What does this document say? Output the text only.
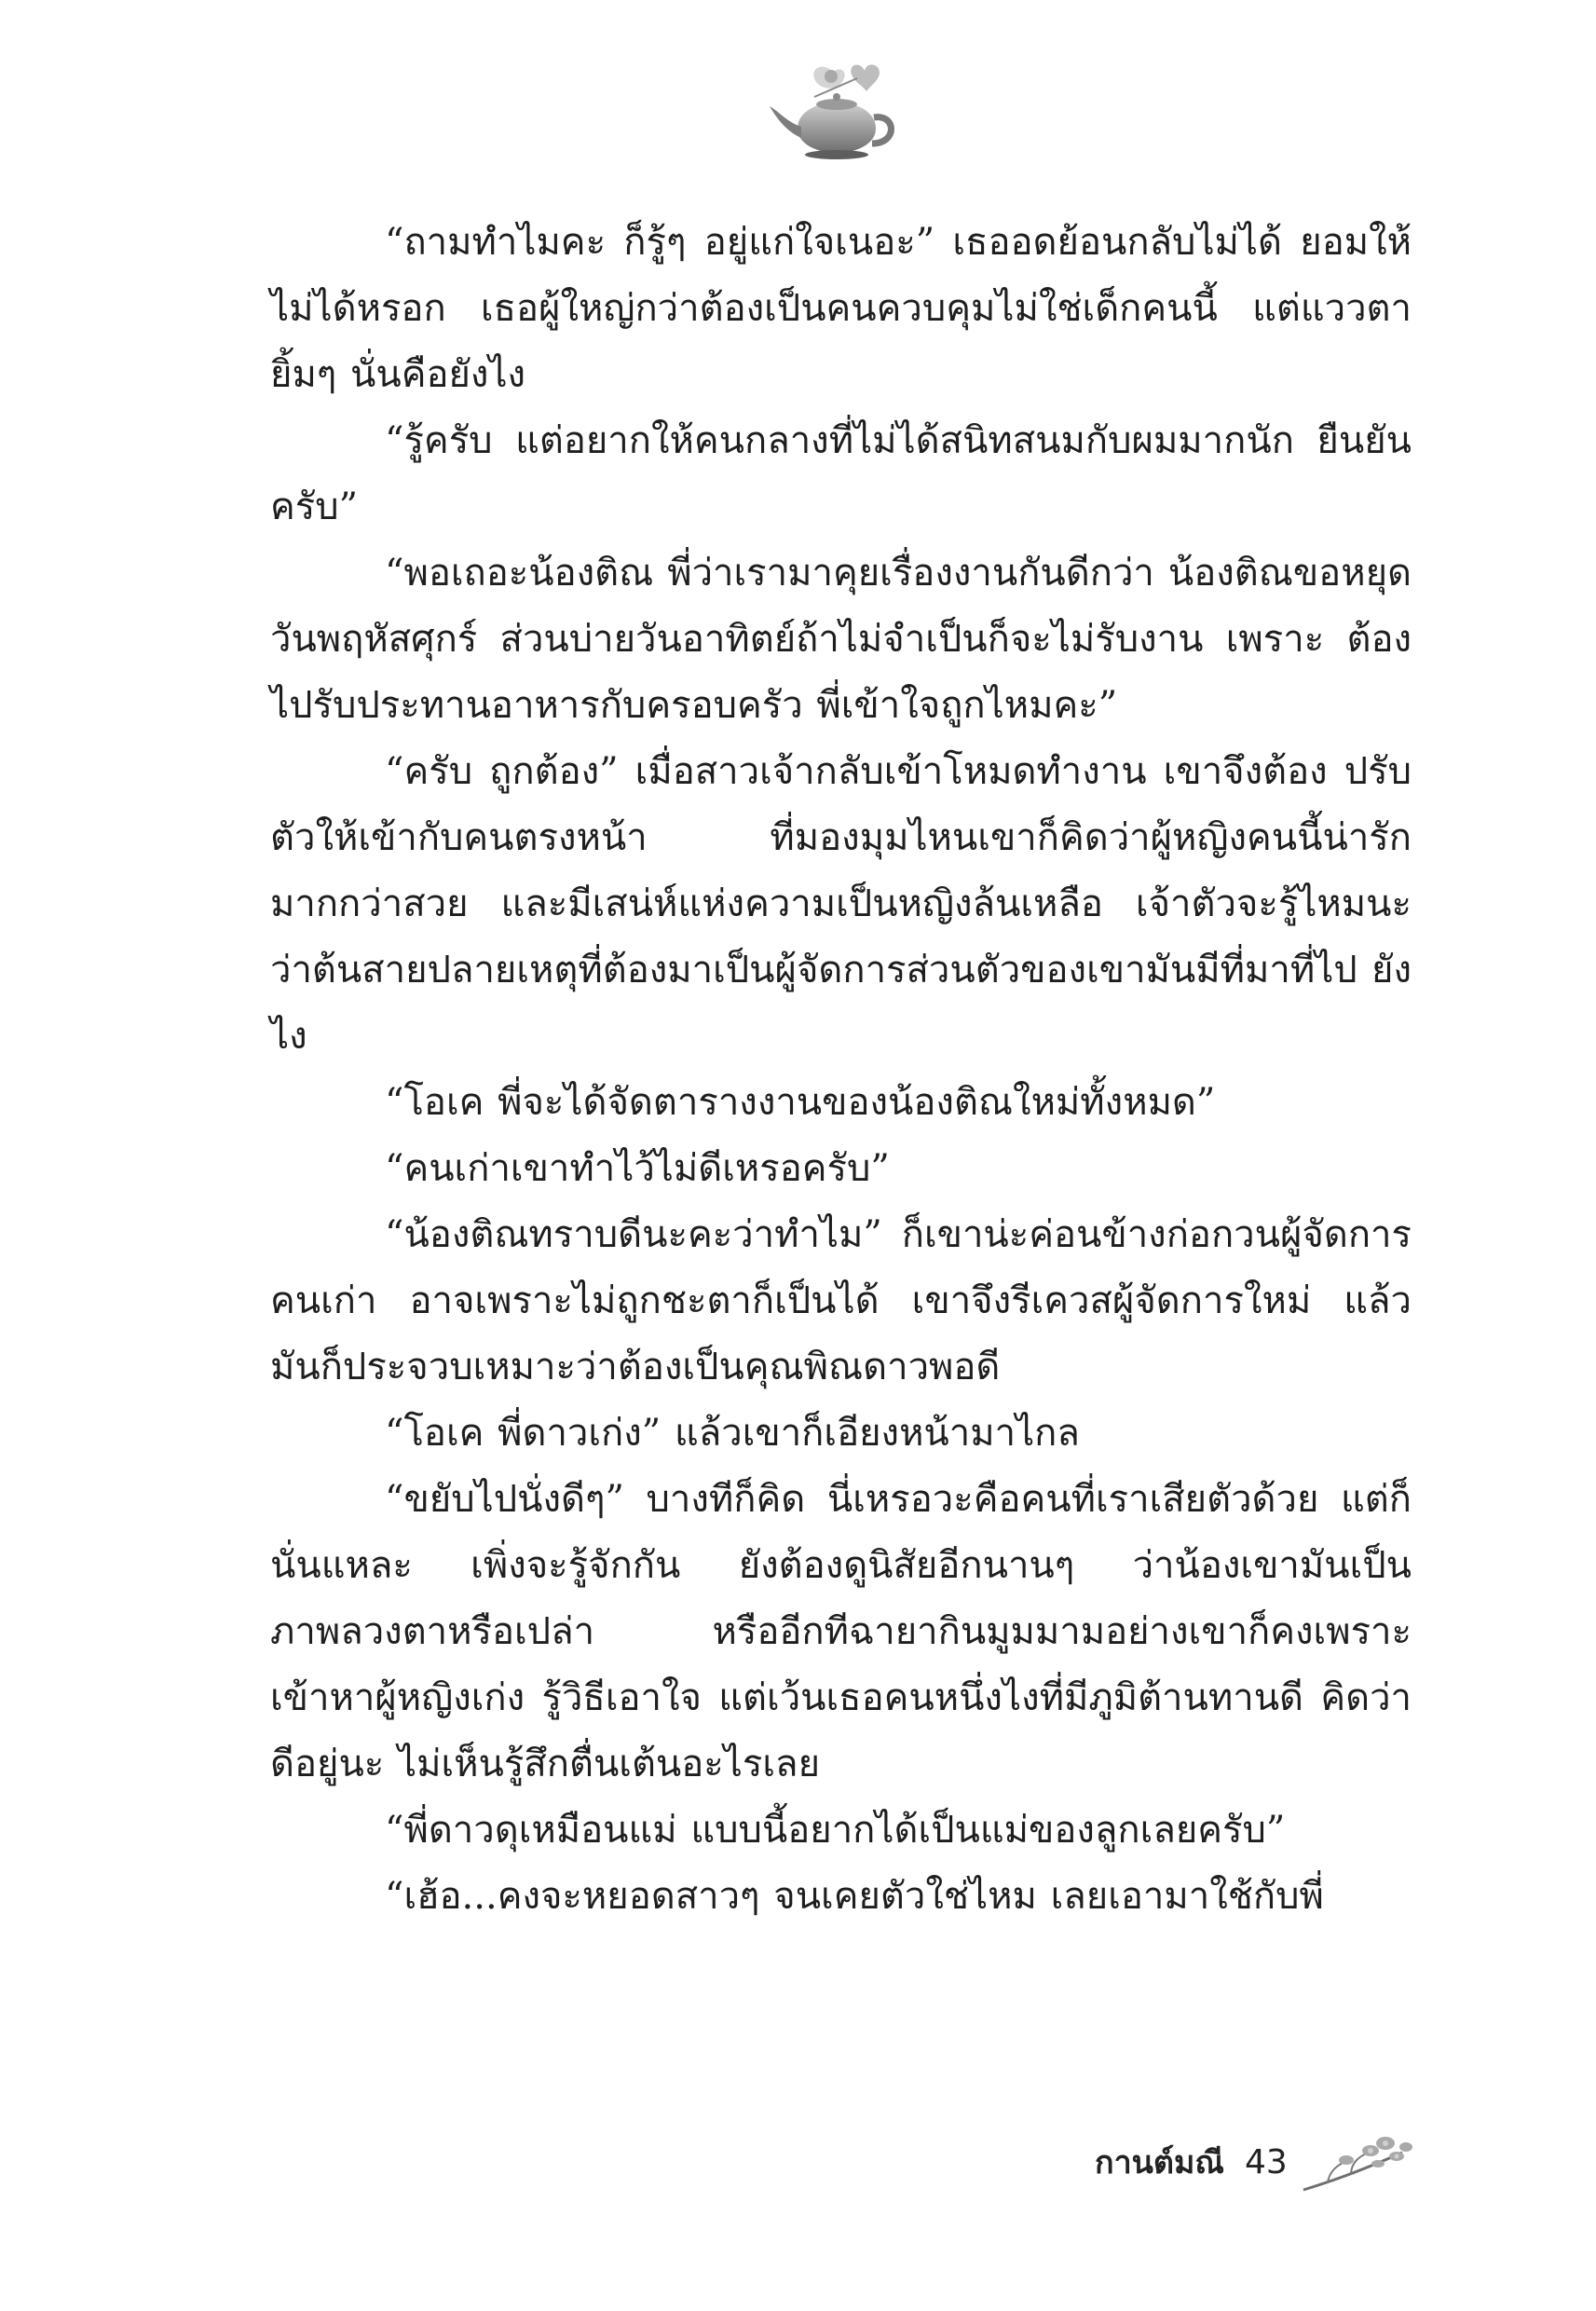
“ถามทำไมคะ ก็รู้ๆ อยู่แก่ใจเนอะ” เธออดย้อนกลับไม่ได้ ยอมให้ไม่ได้หรอก เธอผู้ใหญ่กว่าต้องเป็นคนควบคุมไม่ใช่เด็กคนนี้ แต่แววตายิ้มๆ นั่นคือยังไง

“รู้ครับ แต่อยากให้คนกลางที่ไม่ได้สนิทสนมกับผมมากนัก ยืนยันครับ”

“พอเถอะน้องติณ พี่ว่าเรามาคุยเรื่องงานกันดีกว่า น้องติณขอหยุด วันพฤหัสศุกร์ ส่วนบ่ายวันอาทิตย์ถ้าไม่จำเป็นก็จะไม่รับงาน เพราะ ต้องไปรับประทานอาหารกับครอบครัว พี่เข้าใจถูกไหมคะ”

“ครับ ถูกต้อง” เมื่อสาวเจ้ากลับเข้าโหมดทำงาน เขาจึงต้อง ปรับตัวให้เข้ากับคนตรงหน้า ที่มองมุมไหนเขาก็คิดว่าผู้หญิงคนนี้น่ารัก มากกว่าสวย และมีเสน่ห์แห่งความเป็นหญิงล้นเหลือ เจ้าตัวจะรู้ไหมนะ ว่าต้นสายปลายเหตุที่ต้องมาเป็นผู้จัดการส่วนตัวของเขามันมีที่มาที่ไป ยังไง

“โอเค พี่จะได้จัดตารางงานของน้องติณใหม่ทั้งหมด”

“คนเก่าเขาทำไว้ไม่ดีเหรอครับ”

“น้องติณทราบดีนะคะว่าทำไม” ก็เขาน่ะค่อนข้างก่อกวนผู้จัดการ คนเก่า อาจเพราะไม่ถูกชะตาก็เป็นได้ เขาจึงรีเควสผู้จัดการใหม่ แล้ว มันก็ประจวบเหมาะว่าต้องเป็นคุณพิณดาวพอดี

“โอเค พี่ดาวเก่ง” แล้วเขาก็เอียงหน้ามาไกล

“ขยับไปนั่งดีๆ” บางทีก็คิด นี่เหรอวะคือคนที่เราเสียตัวด้วย แต่ก็นั่นแหละ เพิ่งจะรู้จักกัน ยังต้องดูนิสัยอีกนานๆ ว่าน้องเขามันเป็น ภาพลวงตาหรือเปล่า หรืออีกทีฉายากินมูมมามอย่างเขาก็คงเพราะ เข้าหาผู้หญิงเก่ง รู้วิธีเอาใจ แต่เว้นเธอคนหนึ่งไงที่มีภูมิต้านทานดี คิดว่าดีอยู่นะ ไม่เห็นรู้สึกตื่นเต้นอะไรเลย

“พี่ดาวดุเหมือนแม่ แบบนี้อยากได้เป็นแม่ของลูกเลยครับ”

“เฮ้อ...คงจะหยอดสาวๆ จนเคยตัวใช่ไหม เลยเอามาใช้กับพี่

กานต์มณี 43
